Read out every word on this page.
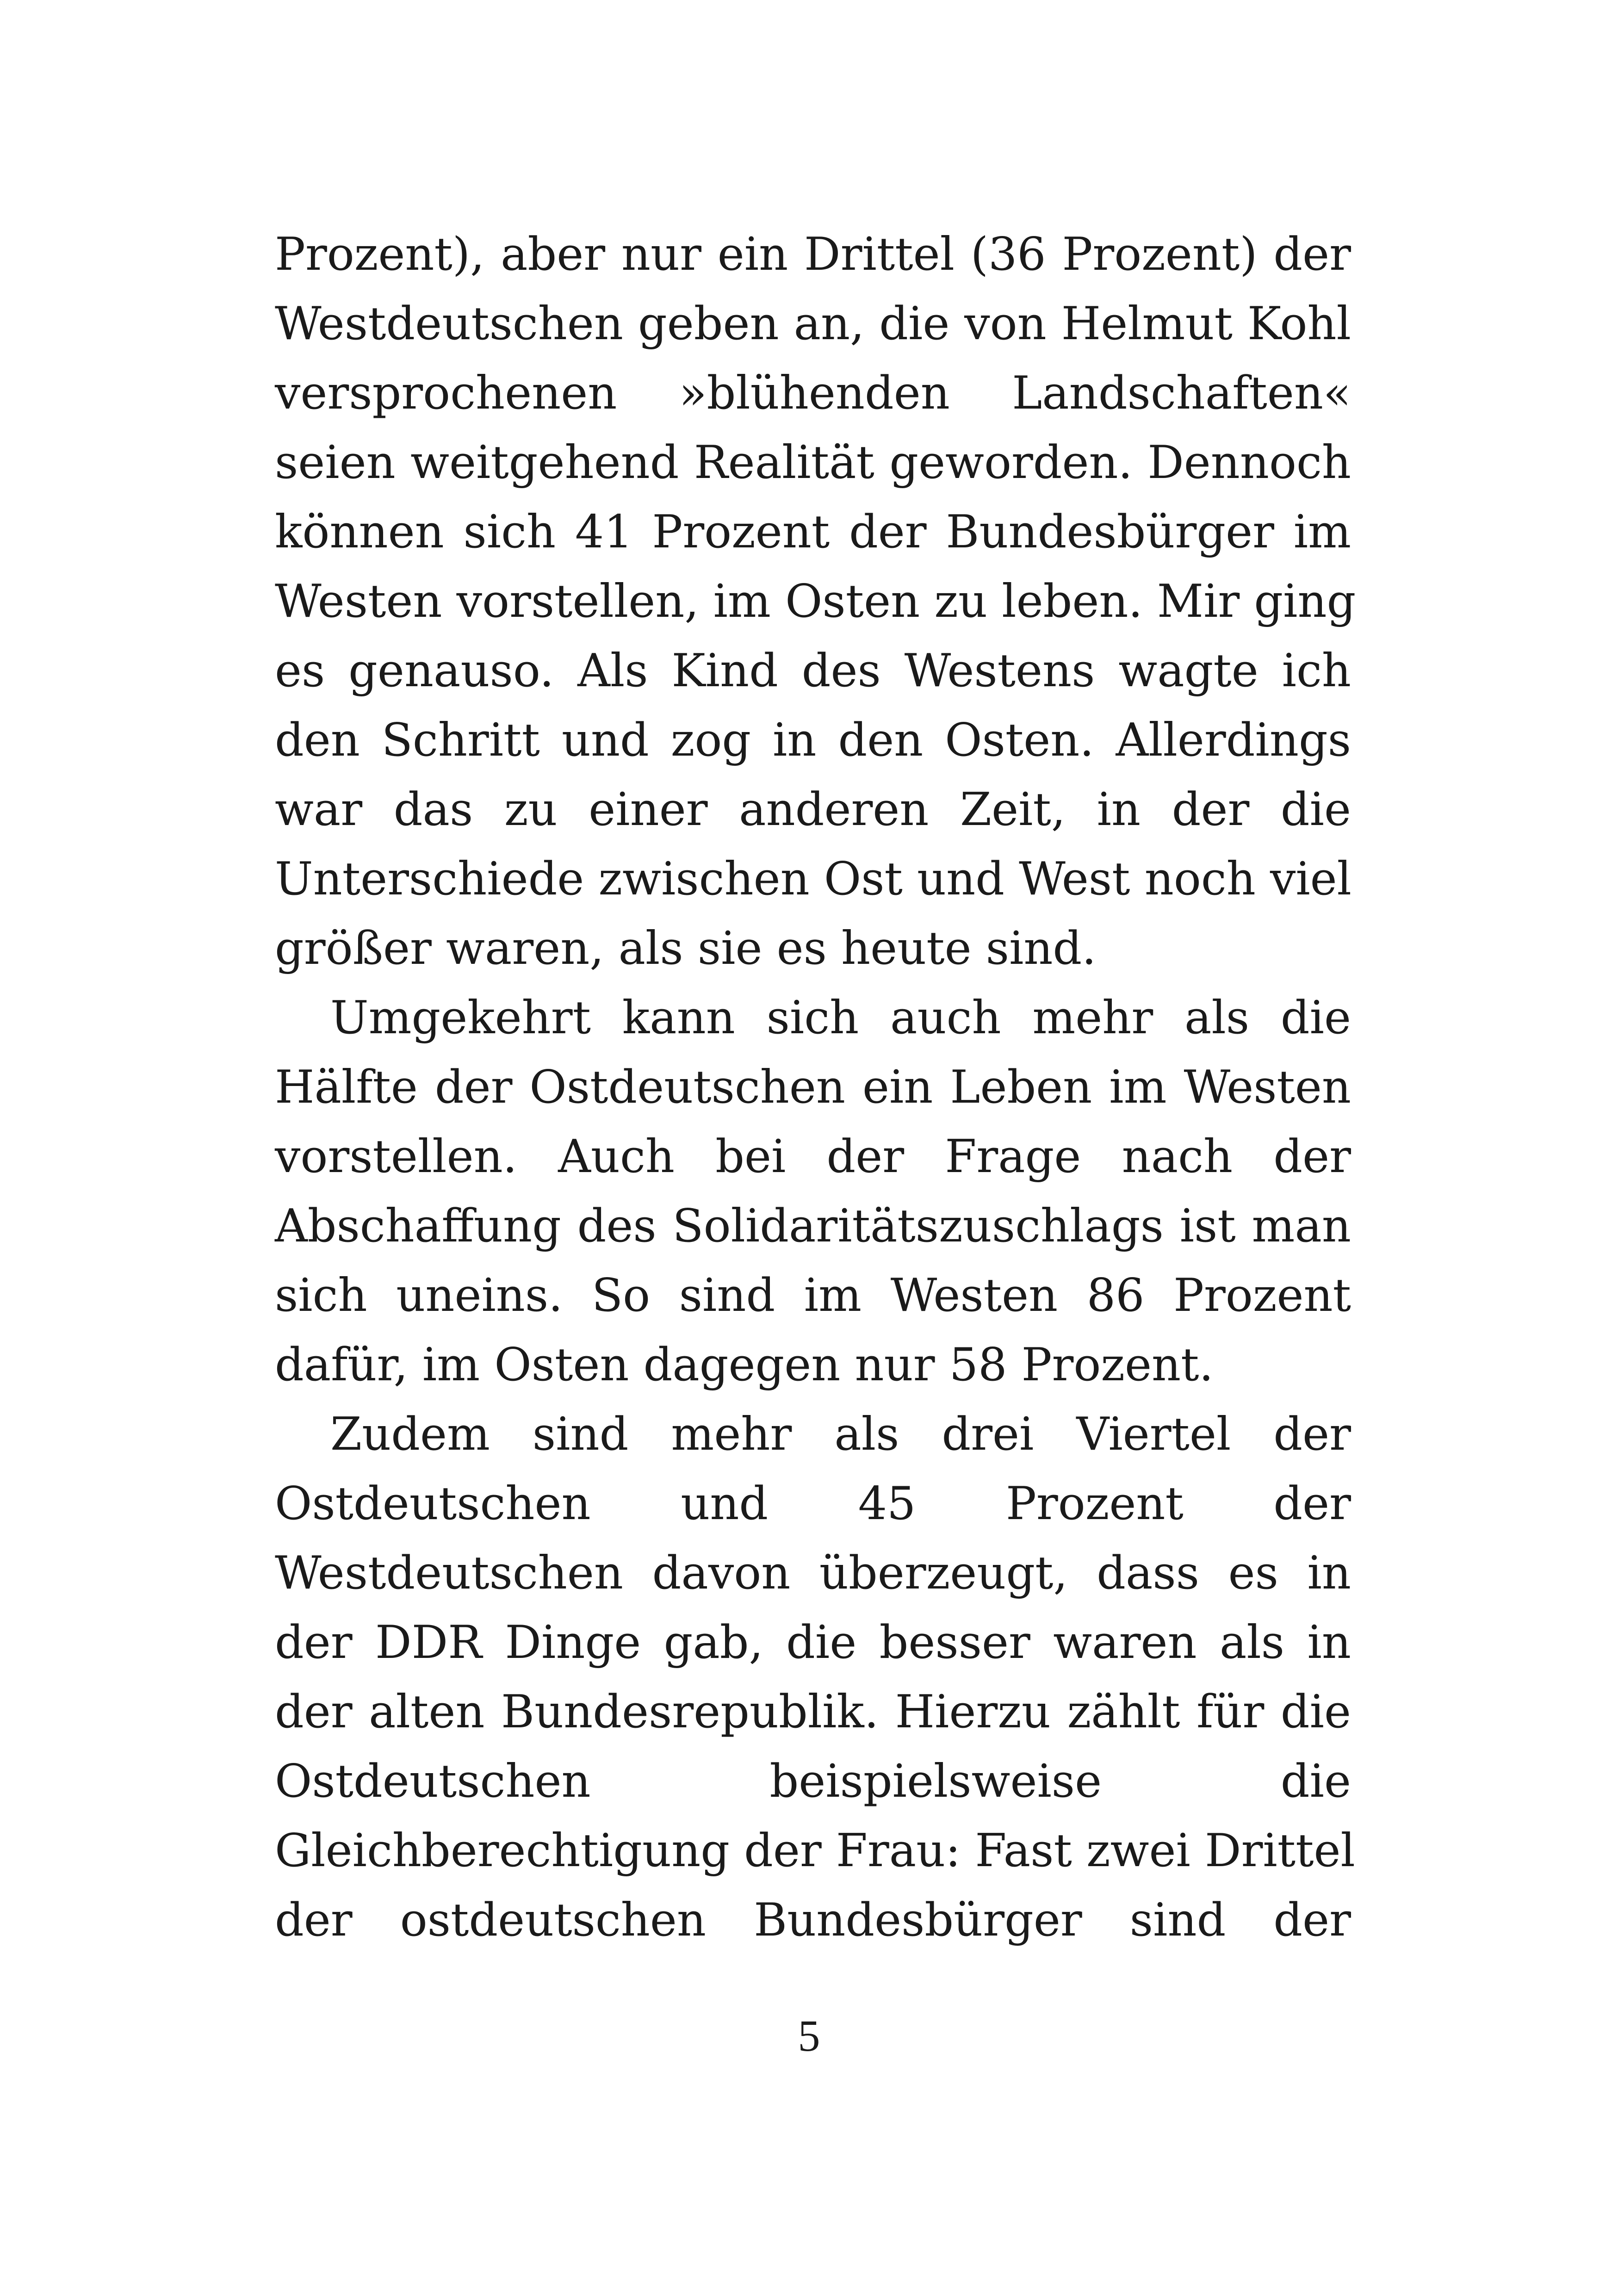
Prozent), aber nur ein Drittel (36 Prozent) der
Westdeutschen geben an, die von Helmut Kohl
versprochenen »blühenden Landschaften«
seien weitgehend Realität geworden. Dennoch
können sich 41 Prozent der Bundesbürger im
Westen vorstellen, im Osten zu leben. Mir ging
es genauso. Als Kind des Westens wagte ich
den Schritt und zog in den Osten. Allerdings
war das zu einer anderen Zeit, in der die
Unterschiede zwischen Ost und West noch viel
größer waren, als sie es heute sind.
Umgekehrt kann sich auch mehr als die
Hälfte der Ostdeutschen ein Leben im Westen
vorstellen. Auch bei der Frage nach der
Abschaffung des Solidaritätszuschlags ist man
sich uneins. So sind im Westen 86 Prozent
dafür, im Osten dagegen nur 58 Prozent.
Zudem sind mehr als drei Viertel der
Ostdeutschen und 45 Prozent der
Westdeutschen davon überzeugt, dass es in
der DDR Dinge gab, die besser waren als in
der alten Bundesrepublik. Hierzu zählt für die
Ostdeutschen beispielsweise die
Gleichberechtigung der Frau: Fast zwei Drittel
der ostdeutschen Bundesbürger sind der
5
